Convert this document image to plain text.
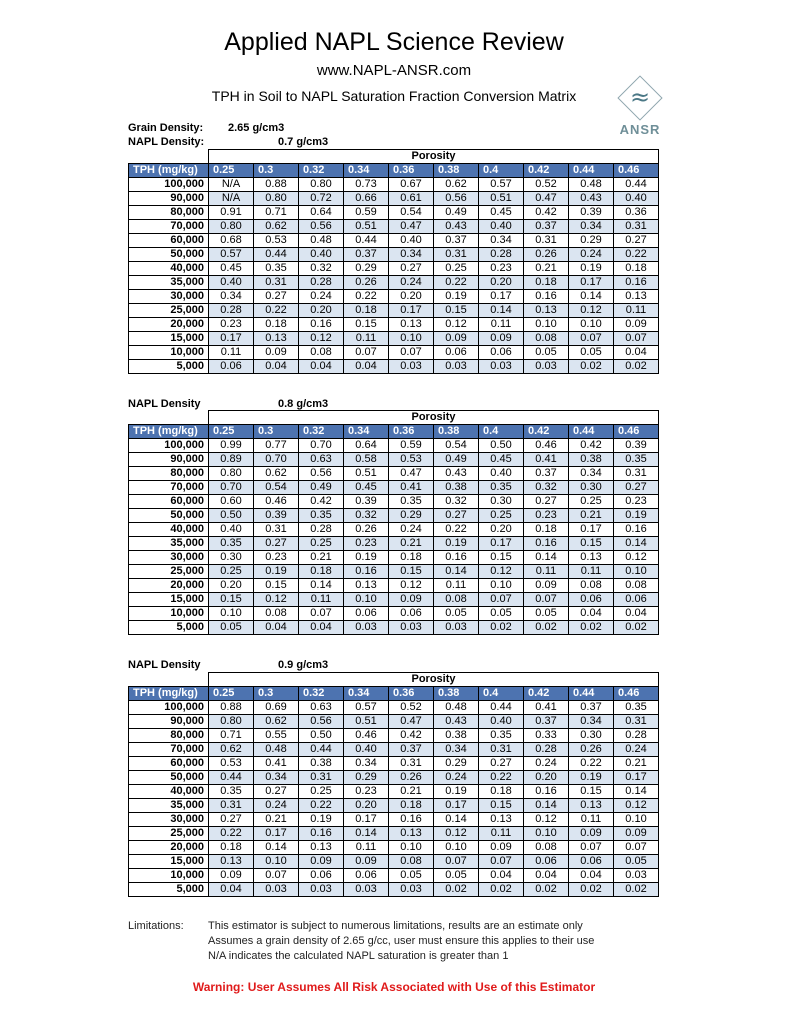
Applied NAPL Science Review
www.NAPL-ANSR.com
TPH in Soil to NAPL Saturation Fraction Conversion Matrix	≈
ANSR
Grain Density: 2.65 g/cm3
NAPL Density:	0.7 g/cm3
NAPL Density	0.8 g/cm3
NAPL Density	0.9 g/cm3
	Porosity									
TPH (mg/kg)	0.25	0.3	0.32	0.34	0.36	0.38	0.4	0.42	0.44	0.46
100,000	N/A	0.88	0.80	0.73	0.67	0.62	0.57	0.52	0.48	0.44
90,000	N/A	0.80	0.72	0.66	0.61	0.56	0.51	0.47	0.43	0.40
80,000	0.91	0.71	0.64	0.59	0.54	0.49	0.45	0.42	0.39	0.36
70,000	0.80	0.62	0.56	0.51	0.47	0.43	0.40	0.37	0.34	0.31
60,000	0.68	0.53	0.48	0.44	0.40	0.37	0.34	0.31	0.29	0.27
50,000	0.57	0.44	0.40	0.37	0.34	0.31	0.28	0.26	0.24	0.22
40,000	0.45	0.35	0.32	0.29	0.27	0.25	0.23	0.21	0.19	0.18
35,000	0.40	0.31	0.28	0.26	0.24	0.22	0.20	0.18	0.17	0.16
30,000	0.34	0.27	0.24	0.22	0.20	0.19	0.17	0.16	0.14	0.13
25,000	0.28	0.22	0.20	0.18	0.17	0.15	0.14	0.13	0.12	0.11
20,000	0.23	0.18	0.16	0.15	0.13	0.12	0.11	0.10	0.10	0.09
15,000	0.17	0.13	0.12	0.11	0.10	0.09	0.09	0.08	0.07	0.07
10,000	0.11	0.09	0.08	0.07	0.07	0.06	0.06	0.05	0.05	0.04
5,000	0.06	0.04	0.04	0.04	0.03	0.03	0.03	0.03	0.02	0.02
	Porosity									
TPH (mg/kg)	0.25	0.3	0.32	0.34	0.36	0.38	0.4	0.42	0.44	0.46
100,000	0.99	0.77	0.70	0.64	0.59	0.54	0.50	0.46	0.42	0.39
90,000	0.89	0.70	0.63	0.58	0.53	0.49	0.45	0.41	0.38	0.35
80,000	0.80	0.62	0.56	0.51	0.47	0.43	0.40	0.37	0.34	0.31
70,000	0.70	0.54	0.49	0.45	0.41	0.38	0.35	0.32	0.30	0.27
60,000	0.60	0.46	0.42	0.39	0.35	0.32	0.30	0.27	0.25	0.23
50,000	0.50	0.39	0.35	0.32	0.29	0.27	0.25	0.23	0.21	0.19
40,000	0.40	0.31	0.28	0.26	0.24	0.22	0.20	0.18	0.17	0.16
35,000	0.35	0.27	0.25	0.23	0.21	0.19	0.17	0.16	0.15	0.14
30,000	0.30	0.23	0.21	0.19	0.18	0.16	0.15	0.14	0.13	0.12
25,000	0.25	0.19	0.18	0.16	0.15	0.14	0.12	0.11	0.11	0.10
20,000	0.20	0.15	0.14	0.13	0.12	0.11	0.10	0.09	0.08	0.08
15,000	0.15	0.12	0.11	0.10	0.09	0.08	0.07	0.07	0.06	0.06
10,000	0.10	0.08	0.07	0.06	0.06	0.05	0.05	0.05	0.04	0.04
5,000	0.05	0.04	0.04	0.03	0.03	0.03	0.02	0.02	0.02	0.02
	Porosity									
TPH (mg/kg)	0.25	0.3	0.32	0.34	0.36	0.38	0.4	0.42	0.44	0.46
100,000	0.88	0.69	0.63	0.57	0.52	0.48	0.44	0.41	0.37	0.35
90,000	0.80	0.62	0.56	0.51	0.47	0.43	0.40	0.37	0.34	0.31
80,000	0.71	0.55	0.50	0.46	0.42	0.38	0.35	0.33	0.30	0.28
70,000	0.62	0.48	0.44	0.40	0.37	0.34	0.31	0.28	0.26	0.24
60,000	0.53	0.41	0.38	0.34	0.31	0.29	0.27	0.24	0.22	0.21
50,000	0.44	0.34	0.31	0.29	0.26	0.24	0.22	0.20	0.19	0.17
40,000	0.35	0.27	0.25	0.23	0.21	0.19	0.18	0.16	0.15	0.14
35,000	0.31	0.24	0.22	0.20	0.18	0.17	0.15	0.14	0.13	0.12
30,000	0.27	0.21	0.19	0.17	0.16	0.14	0.13	0.12	0.11	0.10
25,000	0.22	0.17	0.16	0.14	0.13	0.12	0.11	0.10	0.09	0.09
20,000	0.18	0.14	0.13	0.11	0.10	0.10	0.09	0.08	0.07	0.07
15,000	0.13	0.10	0.09	0.09	0.08	0.07	0.07	0.06	0.06	0.05
10,000	0.09	0.07	0.06	0.06	0.05	0.05	0.04	0.04	0.04	0.03
5,000	0.04	0.03	0.03	0.03	0.03	0.02	0.02	0.02	0.02	0.02
Limitations: This estimator is subject to numerous limitations, results are an estimate only
Assumes a grain density of 2.65 g/cc, user must ensure this applies to their use
N/A indicates the calculated NAPL saturation is greater than 1
Warning: User Assumes All Risk Associated with Use of this Estimator
